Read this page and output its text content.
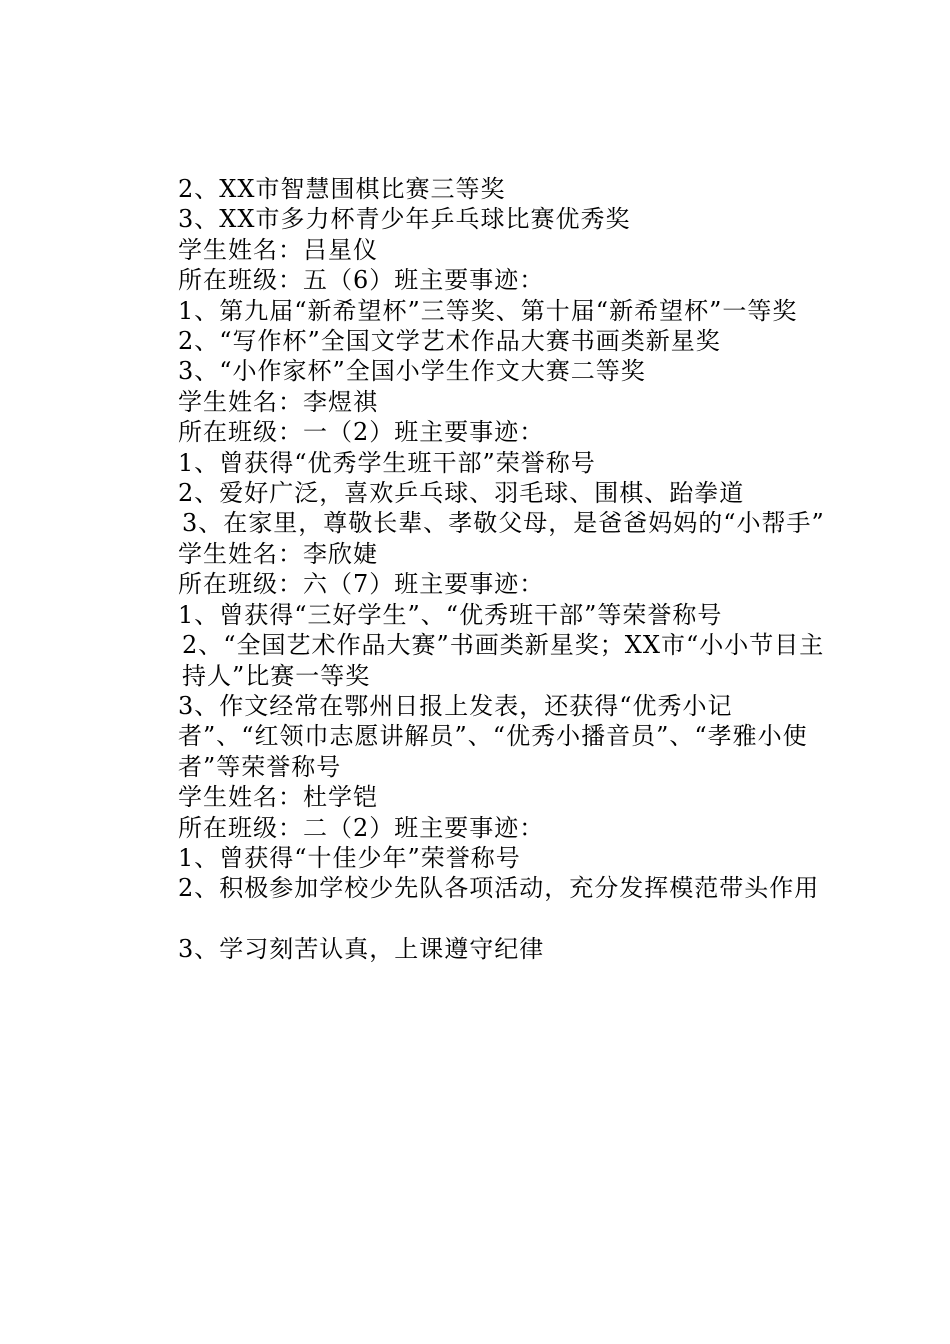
2、XX市智慧围棋比赛三等奖

3、XX市多力杯青少年乒乓球比赛优秀奖

学生姓名：吕星仪

所在班级：五（6）班主要事迹：

1、第九届“新希望杯”三等奖、第十届“新希望杯”一等奖

2、“写作杯”全国文学艺术作品大赛书画类新星奖

3、“小作家杯”全国小学生作文大赛二等奖

学生姓名：李煜祺

所在班级：一（2）班主要事迹：

1、曾获得“优秀学生班干部”荣誉称号

2、爱好广泛，喜欢乒乓球、羽毛球、围棋、跆拳道

3、在家里，尊敬长辈、孝敬父母，是爸爸妈妈的“小帮手”

学生姓名：李欣婕

所在班级：六（7）班主要事迹：

1、曾获得“三好学生”、“优秀班干部”等荣誉称号

2、“全国艺术作品大赛”书画类新星奖；XX市“小小节目主持人”比赛一等奖

3、作文经常在鄂州日报上发表，还获得“优秀小记者”、“红领巾志愿讲解员”、“优秀小播音员”、“孝雅小使者”等荣誉称号

学生姓名：杜学铠

所在班级：二（2）班主要事迹：

1、曾获得“十佳少年”荣誉称号

2、积极参加学校少先队各项活动，充分发挥模范带头作用

3、学习刻苦认真，上课遵守纪律
